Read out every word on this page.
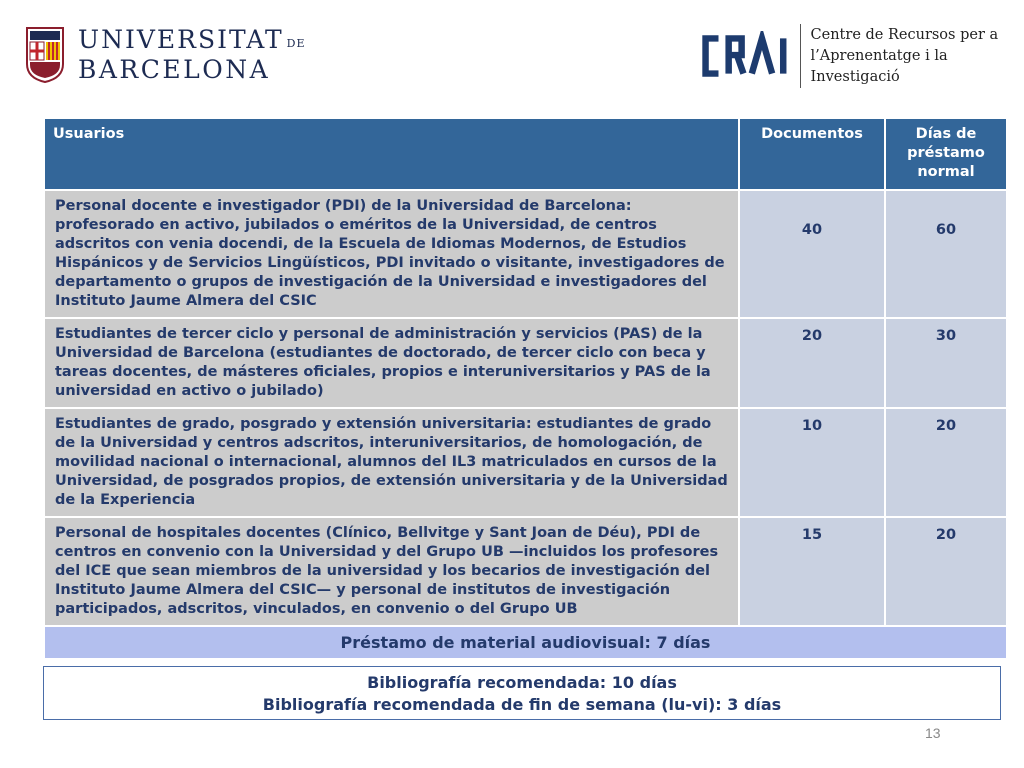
UNIVERSITAT DE
BARCELONA
Centre de Recursos per a
l’Aprenentatge i la Investigació
Usuarios	Documentos	Días de préstamo normal
Personal docente e investigador (PDI) de la Universidad de Barcelona: profesorado en activo, jubilados o eméritos de la Universidad, de centros adscritos con venia docendi, de la Escuela de Idiomas Modernos, de Estudios Hispánicos y de Servicios Lingüísticos, PDI invitado o visitante, investigadores de departamento o grupos de investigación de la Universidad e investigadores del Instituto Jaume Almera del CSIC	40	60
Estudiantes de tercer ciclo y personal de administración y servicios (PAS) de la Universidad de Barcelona (estudiantes de doctorado, de tercer ciclo con beca y tareas docentes, de másteres oficiales, propios e interuniversitarios y PAS de la universidad en activo o jubilado)	20	30
Estudiantes de grado, posgrado y extensión universitaria: estudiantes de grado de la Universidad y centros adscritos, interuniversitarios, de homologación, de movilidad nacional o internacional, alumnos del IL3 matriculados en cursos de la Universidad, de posgrados propios, de extensión universitaria y de la Universidad de la Experiencia	10	20
Personal de hospitales docentes (Clínico, Bellvitge y Sant Joan de Déu), PDI de centros en convenio con la Universidad y del Grupo UB —incluidos los profesores del ICE que sean miembros de la universidad y los becarios de investigación del Instituto Jaume Almera del CSIC— y personal de institutos de investigación participados, adscritos, vinculados, en convenio o del Grupo UB	15	20
Préstamo de material audiovisual: 7 días		
Bibliografía recomendada: 10 días
Bibliografía recomendada de fin de semana (lu-vi): 3 días
13
